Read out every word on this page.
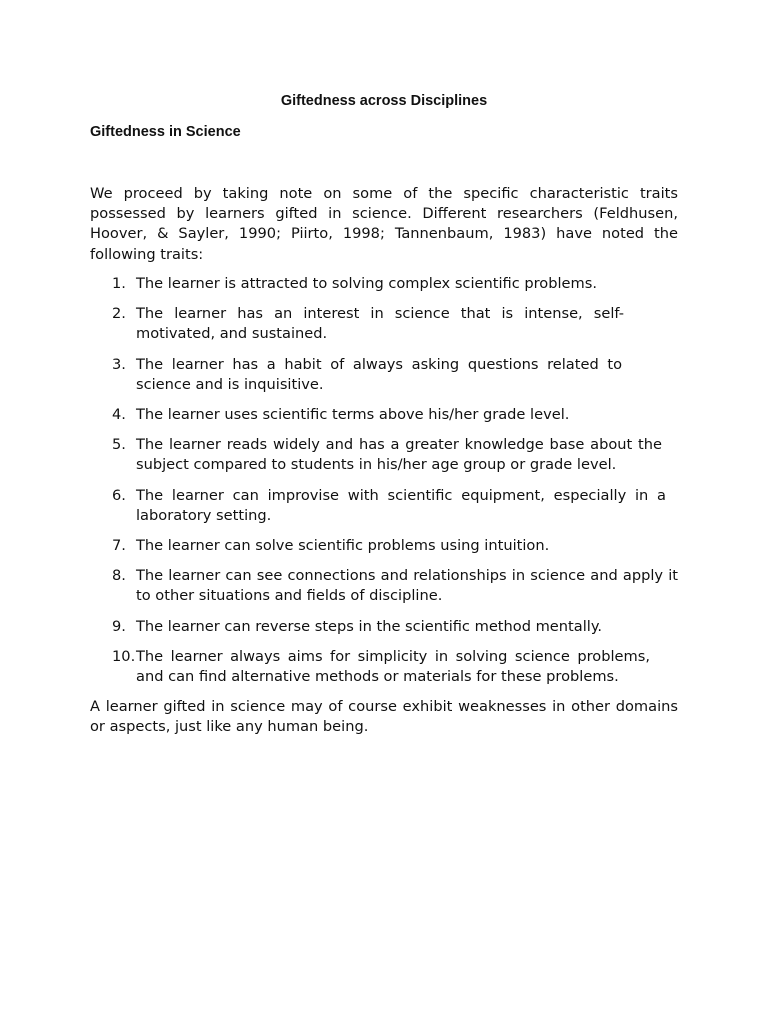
Giftedness across Disciplines
Giftedness in Science

We proceed by taking note on some of the specific characteristic traits possessed by learners gifted in science. Different researchers (Feldhusen, Hoover, & Sayler, 1990; Piirto, 1998; Tannenbaum, 1983) have noted the following traits:

1. The learner is attracted to solving complex scientific problems.
2. The learner has an interest in science that is intense, self-motivated, and sustained.
3. The learner has a habit of always asking questions related to science and is inquisitive.
4. The learner uses scientific terms above his/her grade level.
5. The learner reads widely and has a greater knowledge base about the subject compared to students in his/her age group or grade level.
6. The learner can improvise with scientific equipment, especially in a laboratory setting.
7. The learner can solve scientific problems using intuition.
8. The learner can see connections and relationships in science and apply it to other situations and fields of discipline.
9. The learner can reverse steps in the scientific method mentally.
10. The learner always aims for simplicity in solving science problems, and can find alternative methods or materials for these problems.

A learner gifted in science may of course exhibit weaknesses in other domains or aspects, just like any human being.
